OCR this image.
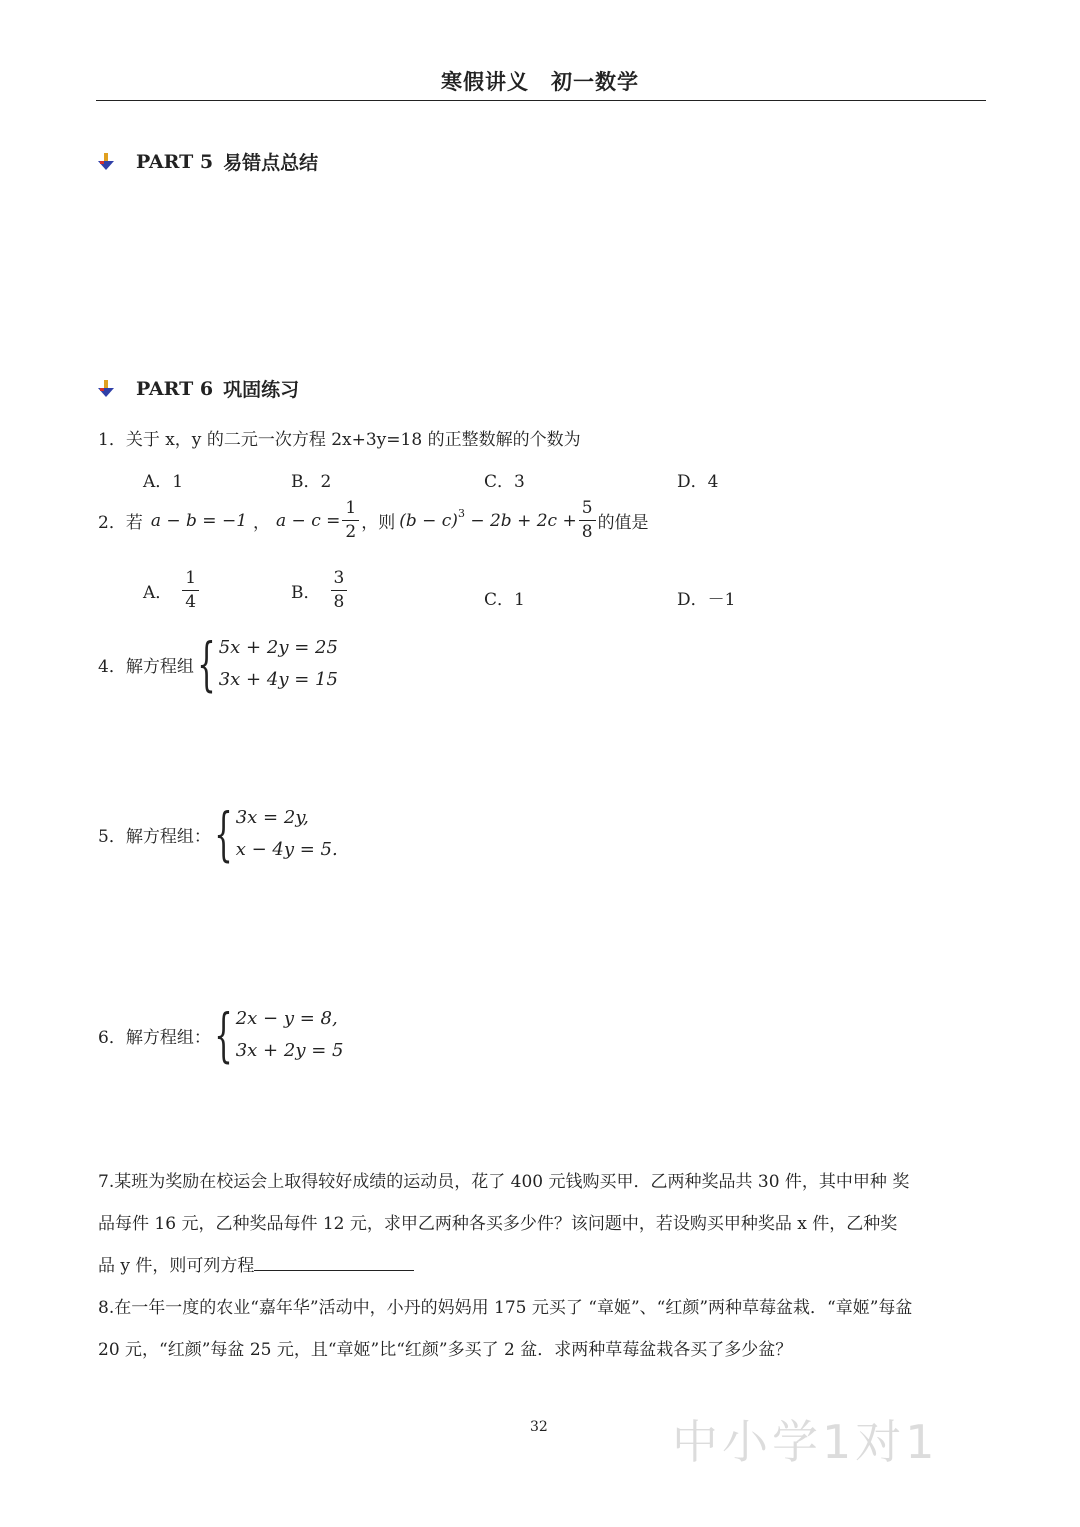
寒假讲义　初一数学
PART 5 易错点总结
PART 6 巩固练习
1．关于 x，y 的二元一次方程 2x+3y=18 的正整数解的个数为
A．1	B．2	C．3	D．4
2．若 a − b = −1 ， $a - c = \frac{1}{2}$ ，则 $(b - c)^3 - 2b + 2c + \frac{5}{8}$ 的值是
A． $\frac{1}{4}$	B． $\frac{3}{8}$	C．1	D．－1
4．解方程组 { 5x + 2y = 25
3x + 4y = 15
5．解方程组： { 3x = 2y,
x − 4y = 5.
6．解方程组： { 2x − y = 8,
3x + 2y = 5
7.某班为奖励在校运会上取得较好成绩的运动员，花了 400 元钱购买甲．乙两种奖品共 30 件，其中甲种 奖
品每件 16 元，乙种奖品每件 12 元，求甲乙两种各买多少件？该问题中，若设购买甲种奖品 x 件，乙种奖
品 y 件，则可列方程
8.在一年一度的农业“嘉年华”活动中，小丹的妈妈用 175 元买了 “章姬”、“红颜”两种草莓盆栽．“章姬”每盆
20 元，“红颜”每盆 25 元，且“章姬”比“红颜”多买了 2 盆．求两种草莓盆栽各买了多少盆？
32	中小学1对1
